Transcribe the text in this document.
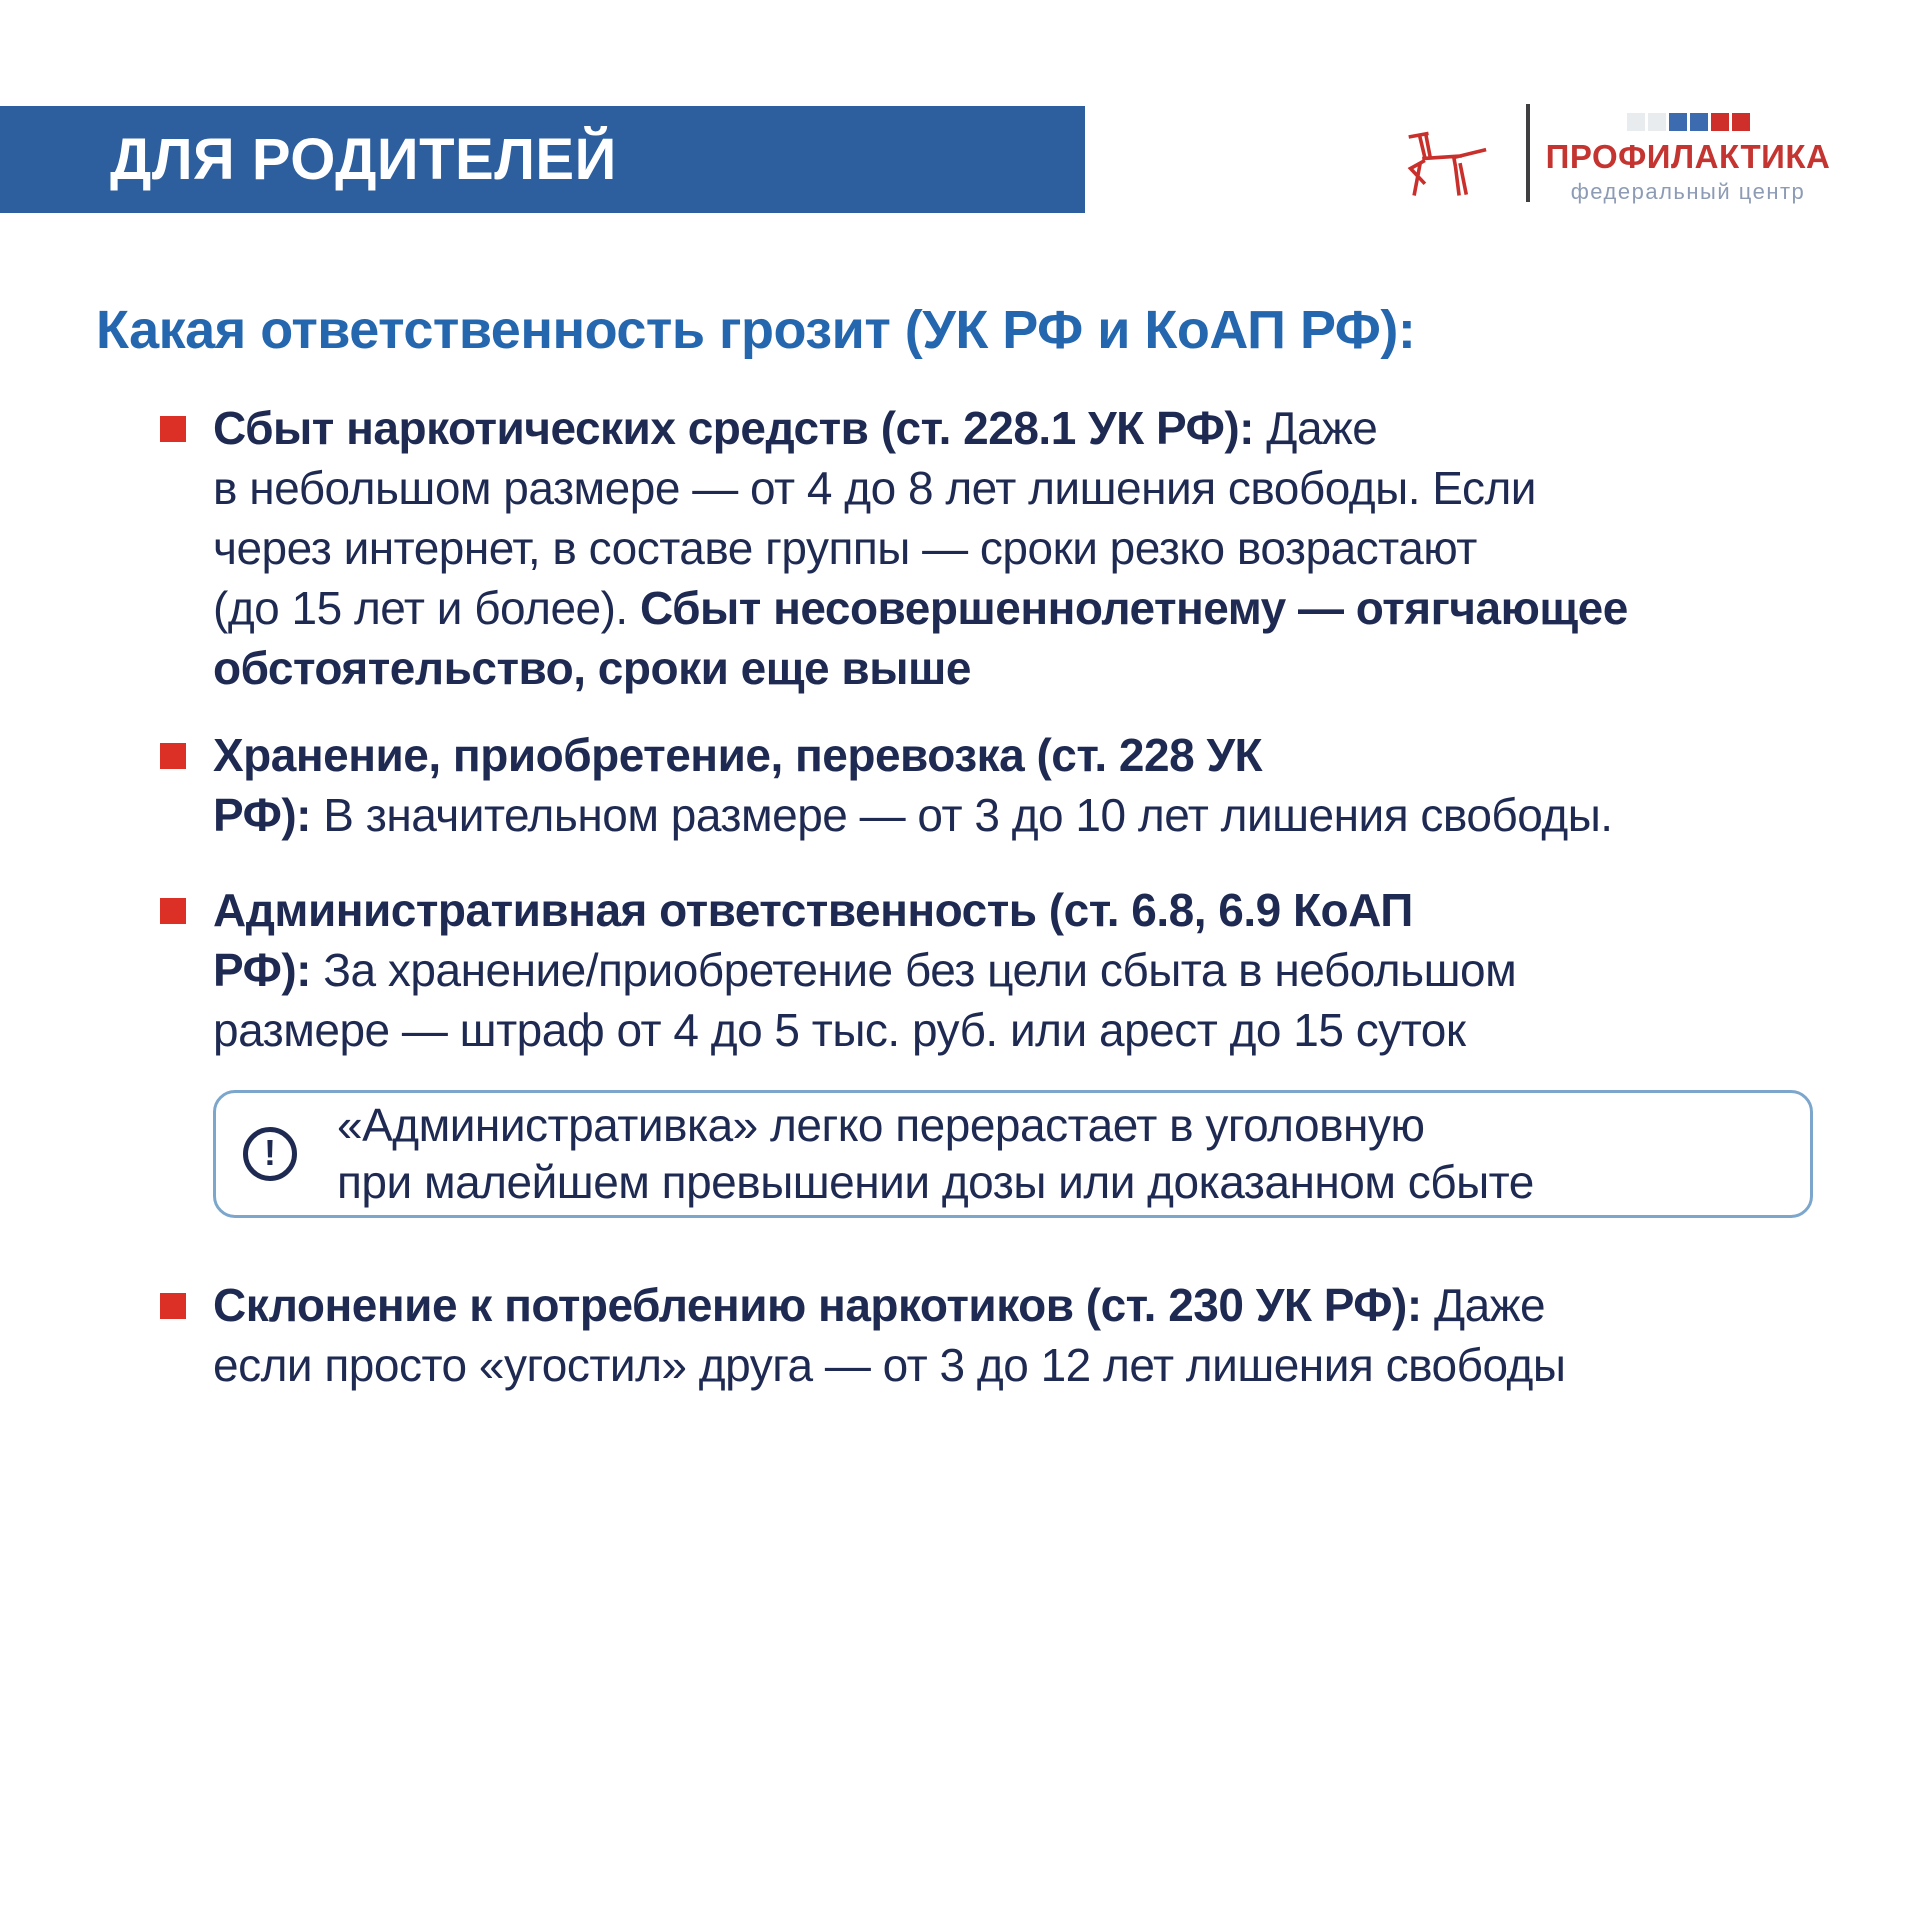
ДЛЯ РОДИТЕЛЕЙ	ПРОФИЛАКТИКА
федеральный центр
Какая ответственность грозит (УК РФ и КоАП РФ):
Сбыт наркотических средств (ст. 228.1 УК РФ): Даже
в небольшом размере — от 4 до 8 лет лишения свободы. Если
через интернет, в составе группы — сроки резко возрастают
(до 15 лет и более). Сбыт несовершеннолетнему — отягчающее
обстоятельство, сроки еще выше
Хранение, приобретение, перевозка (ст. 228 УК
РФ): В значительном размере — от 3 до 10 лет лишения свободы.
Административная ответственность (ст. 6.8, 6.9 КоАП
РФ): За хранение/приобретение без цели сбыта в небольшом
размере — штраф от 4 до 5 тыс. руб. или арест до 15 суток
!
«Административка» легко перерастает в уголовную
при малейшем превышении дозы или доказанном сбыте
Склонение к потреблению наркотиков (ст. 230 УК РФ): Даже
если просто «угостил» друга — от 3 до 12 лет лишения свободы
